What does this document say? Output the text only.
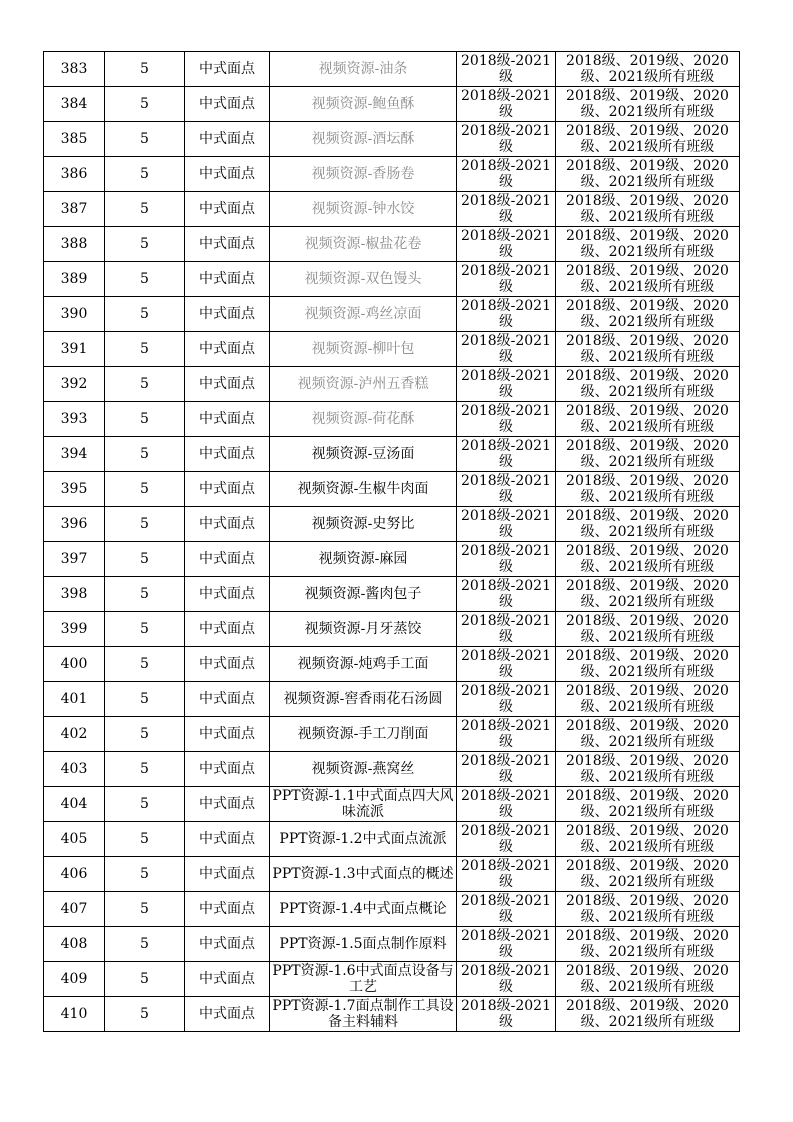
383	5	中式面点	视频资源-油条	2018级-2021级	2018级、2019级、2020级、2021级所有班级
384	5	中式面点	视频资源-鲍鱼酥	2018级-2021级	2018级、2019级、2020级、2021级所有班级
385	5	中式面点	视频资源-酒坛酥	2018级-2021级	2018级、2019级、2020级、2021级所有班级
386	5	中式面点	视频资源-香肠卷	2018级-2021级	2018级、2019级、2020级、2021级所有班级
387	5	中式面点	视频资源-钟水饺	2018级-2021级	2018级、2019级、2020级、2021级所有班级
388	5	中式面点	视频资源-椒盐花卷	2018级-2021级	2018级、2019级、2020级、2021级所有班级
389	5	中式面点	视频资源-双色馒头	2018级-2021级	2018级、2019级、2020级、2021级所有班级
390	5	中式面点	视频资源-鸡丝凉面	2018级-2021级	2018级、2019级、2020级、2021级所有班级
391	5	中式面点	视频资源-柳叶包	2018级-2021级	2018级、2019级、2020级、2021级所有班级
392	5	中式面点	视频资源-泸州五香糕	2018级-2021级	2018级、2019级、2020级、2021级所有班级
393	5	中式面点	视频资源-荷花酥	2018级-2021级	2018级、2019级、2020级、2021级所有班级
394	5	中式面点	视频资源-豆汤面	2018级-2021级	2018级、2019级、2020级、2021级所有班级
395	5	中式面点	视频资源-生椒牛肉面	2018级-2021级	2018级、2019级、2020级、2021级所有班级
396	5	中式面点	视频资源-史努比	2018级-2021级	2018级、2019级、2020级、2021级所有班级
397	5	中式面点	视频资源-麻园	2018级-2021级	2018级、2019级、2020级、2021级所有班级
398	5	中式面点	视频资源-酱肉包子	2018级-2021级	2018级、2019级、2020级、2021级所有班级
399	5	中式面点	视频资源-月牙蒸饺	2018级-2021级	2018级、2019级、2020级、2021级所有班级
400	5	中式面点	视频资源-炖鸡手工面	2018级-2021级	2018级、2019级、2020级、2021级所有班级
401	5	中式面点	视频资源-窖香雨花石汤圆	2018级-2021级	2018级、2019级、2020级、2021级所有班级
402	5	中式面点	视频资源-手工刀削面	2018级-2021级	2018级、2019级、2020级、2021级所有班级
403	5	中式面点	视频资源-燕窝丝	2018级-2021级	2018级、2019级、2020级、2021级所有班级
404	5	中式面点	PPT资源-1.1中式面点四大风味流派	2018级-2021级	2018级、2019级、2020级、2021级所有班级
405	5	中式面点	PPT资源-1.2中式面点流派	2018级-2021级	2018级、2019级、2020级、2021级所有班级
406	5	中式面点	PPT资源-1.3中式面点的概述	2018级-2021级	2018级、2019级、2020级、2021级所有班级
407	5	中式面点	PPT资源-1.4中式面点概论	2018级-2021级	2018级、2019级、2020级、2021级所有班级
408	5	中式面点	PPT资源-1.5面点制作原料	2018级-2021级	2018级、2019级、2020级、2021级所有班级
409	5	中式面点	PPT资源-1.6中式面点设备与工艺	2018级-2021级	2018级、2019级、2020级、2021级所有班级
410	5	中式面点	PPT资源-1.7面点制作工具设备主料辅料	2018级-2021级	2018级、2019级、2020级、2021级所有班级
